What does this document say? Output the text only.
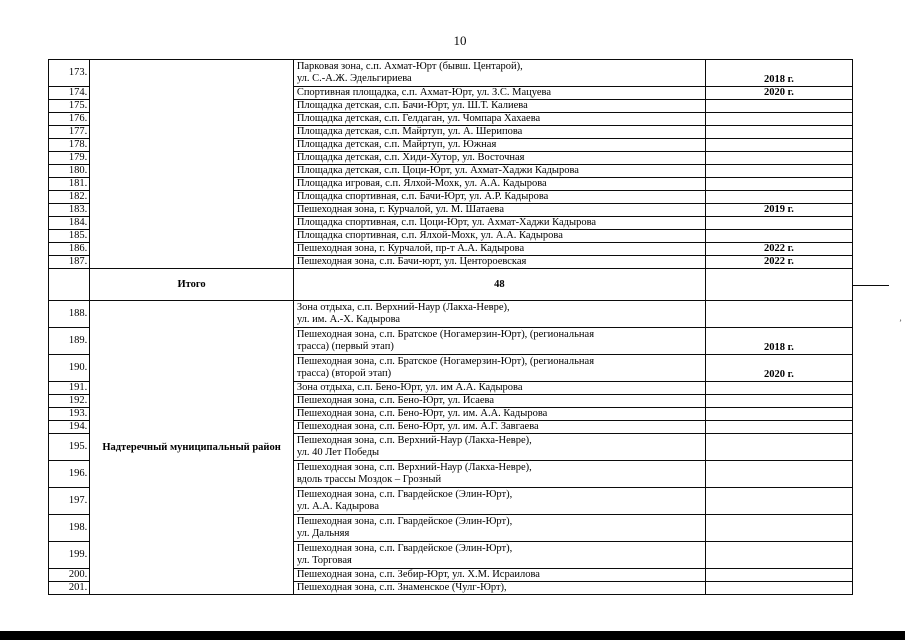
10
173.		Парковая зона, с.п. Ахмат-Юрт (бывш. Центарой),
ул. С.-А.Ж. Эдельгириева	2018 г.
174.		Спортивная площадка, с.п. Ахмат-Юрт, ул. З.С. Мацуева	2020 г.
175.		Площадка детская, с.п. Бачи-Юрт, ул. Ш.Т. Калиева	

176.		Площадка детская, с.п. Гелдаган, ул. Чомпара Хахаева	

177.		Площадка детская, с.п. Майртуп, ул. А. Шерипова	

178.		Площадка детская, с.п. Майртуп, ул. Южная	

179.		Площадка детская, с.п. Хиди-Хутор, ул. Восточная	

180.		Площадка детская, с.п. Цоци-Юрт, ул. Ахмат-Хаджи Кадырова	

181.		Площадка игровая, с.п. Ялхой-Мохк, ул. А.А. Кадырова	

182.		Площадка спортивная, с.п. Бачи-Юрт, ул. А.Р. Кадырова	

183.		Пешеходная зона, г. Курчалой, ул. М. Шатаева	2019 г.
184.		Площадка спортивная, с.п. Цоци-Юрт, ул. Ахмат-Хаджи Кадырова	

185.		Площадка спортивная, с.п. Ялхой-Мохк, ул. А.А. Кадырова	

186.		Пешеходная зона, г. Курчалой, пр-т А.А. Кадырова	2022 г.
187.		Пешеходная зона, с.п. Бачи-юрт, ул. Центороевская	2022 г.
	Итого	48	
188.	Надтеречный муниципальный район	Зона отдыха, с.п. Верхний-Наур (Лакха-Невре),
ул. им. А.-Х. Кадырова	

189.		Пешеходная зона, с.п. Братское (Ногамерзин-Юрт), (региональная
трасса) (первый этап)	2018 г.
190.		Пешеходная зона, с.п. Братское (Ногамерзин-Юрт), (региональная
трасса) (второй этап)	2020 г.
191.		Зона отдыха, с.п. Бено-Юрт, ул. им А.А. Кадырова	

192.		Пешеходная зона, с.п. Бено-Юрт, ул. Исаева	

193.		Пешеходная зона, с.п. Бено-Юрт, ул. им. А.А. Кадырова	

194.		Пешеходная зона, с.п. Бено-Юрт, ул. им. А.Г. Завгаева	

195.		Пешеходная зона, с.п. Верхний-Наур (Лакха-Невре),
ул. 40 Лет Победы	

196.		Пешеходная зона, с.п. Верхний-Наур (Лакха-Невре),
вдоль трассы Моздок – Грозный	

197.		Пешеходная зона, с.п. Гвардейское (Элин-Юрт),
ул. А.А. Кадырова	

198.		Пешеходная зона, с.п. Гвардейское (Элин-Юрт),
ул. Дальняя	

199.		Пешеходная зона, с.п. Гвардейское (Элин-Юрт),
ул. Торговая	

200.		Пешеходная зона, с.п. Зебир-Юрт, ул. Х.М. Исраилова	

201.		Пешеходная зона, с.п. Знаменское (Чулг-Юрт),	

ʼ
